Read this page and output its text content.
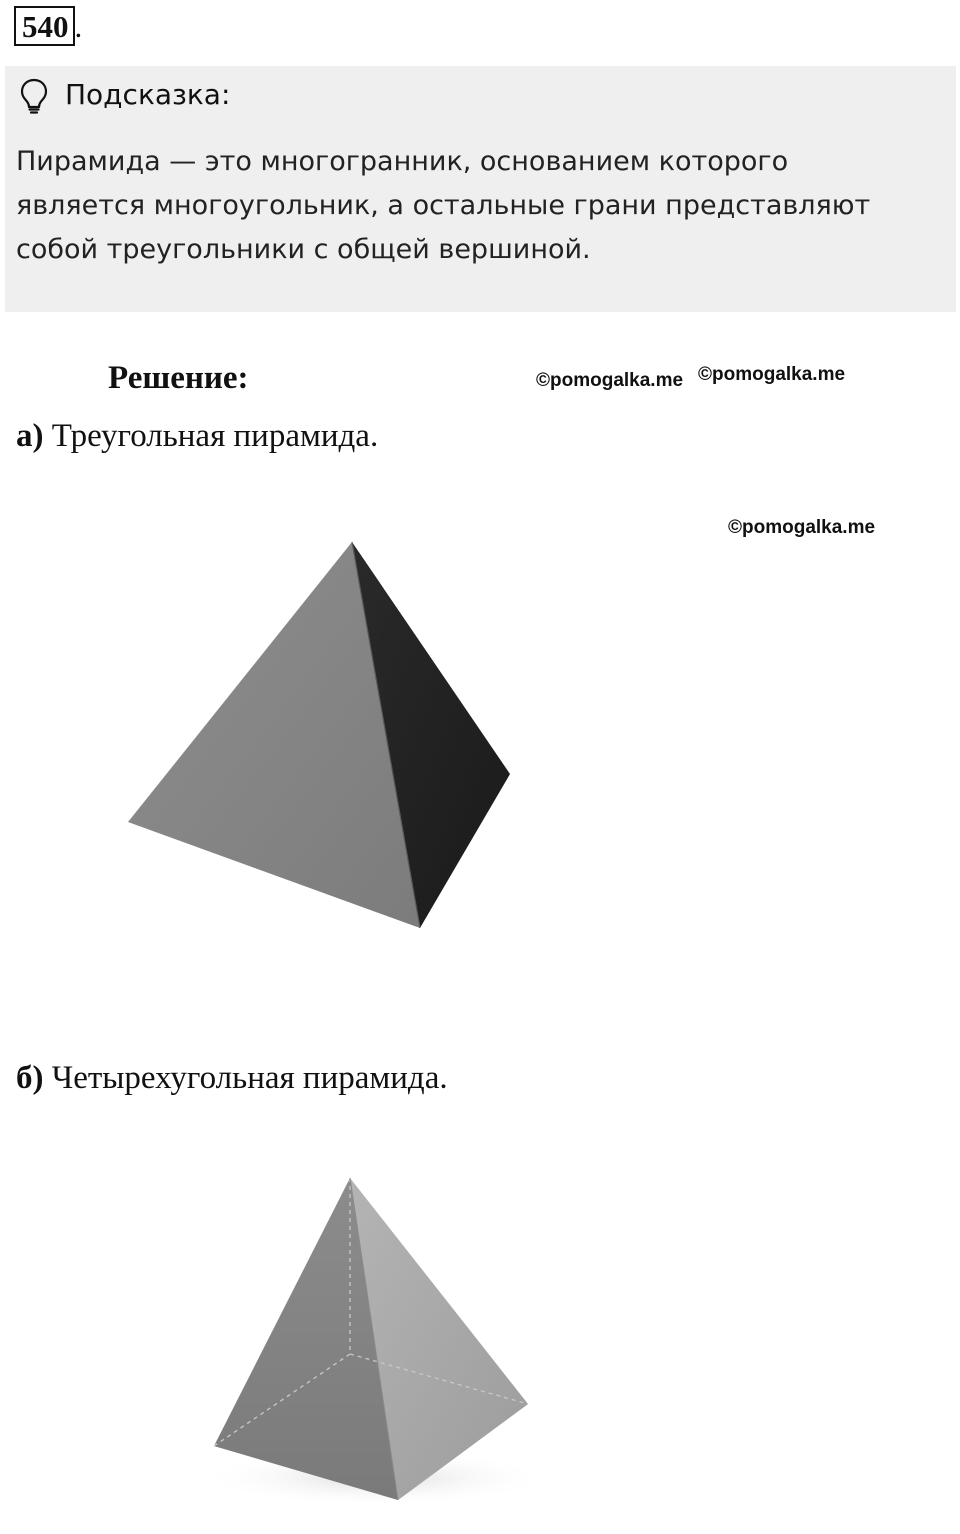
540 .
Подсказка:
Пирамида — это многогранник, основанием которого
является многоугольник, а остальные грани представляют
собой треугольники с общей вершиной.
Решение:	©pomogalka.me ©pomogalka.me
©pomogalka.me
а) Треугольная пирамида.
б) Четырехугольная пирамида.
